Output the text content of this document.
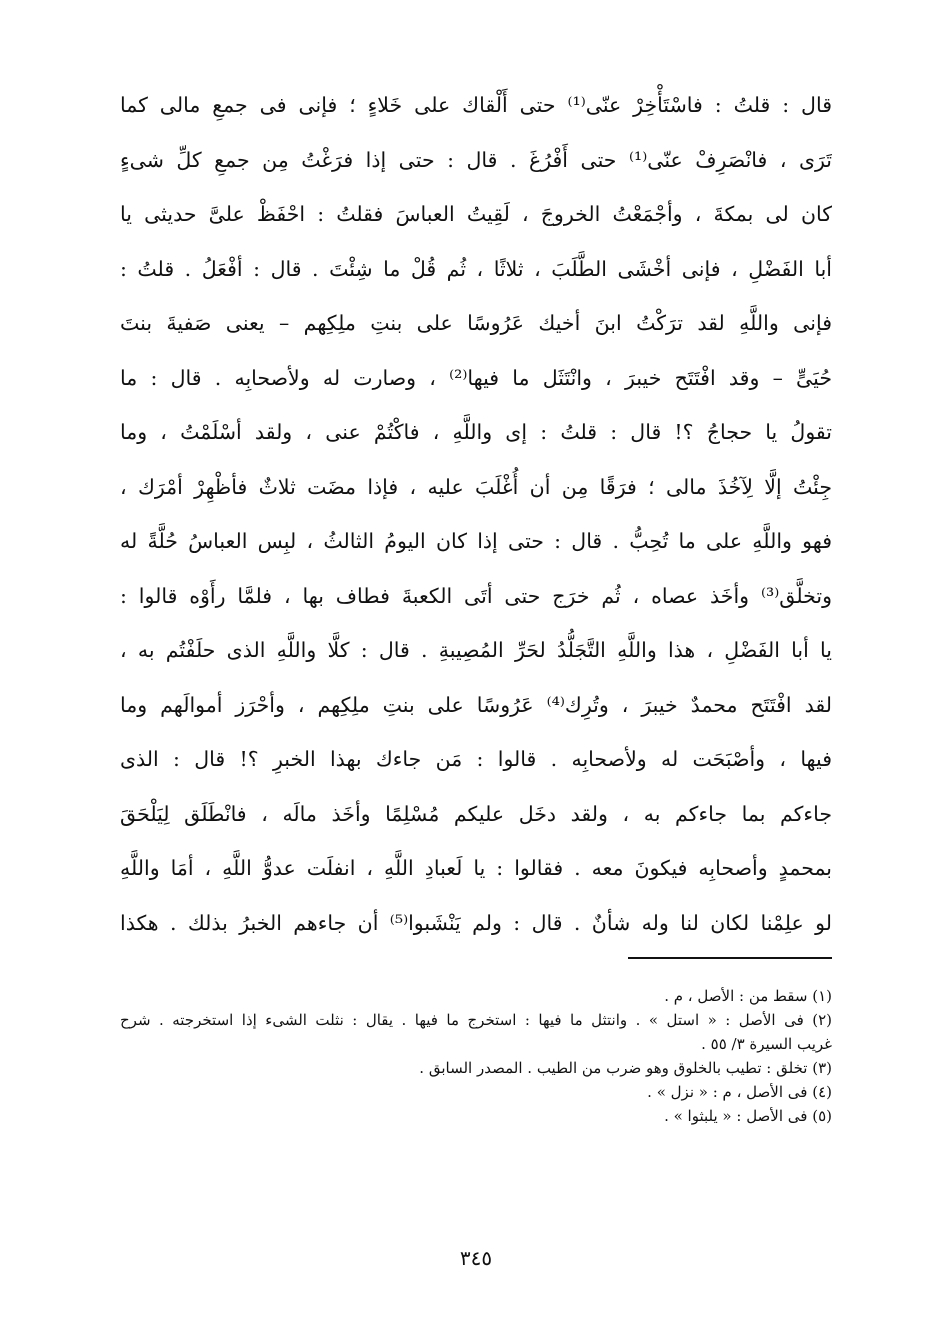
قال : قلتُ : فاسْتَأْخِرْ عنّى⁽¹⁾ حتى أَلْقاك على خَلاءٍ ؛ فإنى فى جمعِ مالى كما
تَرَى ، فانْصَرِفْ عنّى⁽¹⁾ حتى أَفْرُغَ . قال : حتى إذا فرَغْتُ مِن جمعِ كلِّ شىءٍ
كان لى بمكةَ ، وأجْمَعْتُ الخروجَ ، لَقِيتُ العباسَ فقلتُ : احْفَظْ علىَّ حديثى يا
أبا الفَضْلِ ، فإنى أخْشَى الطَّلَبَ ، ثلاثًا ، ثُم قُلْ ما شِئْتَ . قال : أفْعَلُ . قلتُ :
فإنى واللَّهِ لقد ترَكْتُ ابنَ أخيك عَرُوسًا على بنتِ ملِكِهم – يعنى صَفيةَ بنتَ
حُيَىٍّ – وقد افْتَتَح خيبرَ ، وانْتَثَل ما فيها⁽²⁾ ، وصارت له ولأصحابِه . قال : ما
تقولُ يا حجاجُ ؟! قال : قلتُ : إى واللَّهِ ، فاكْتُمْ عنى ، ولقد أسْلَمْتُ ، وما
جِئْتُ إلَّا لِآخُذَ مالى ؛ فرَقًا مِن أن أُغْلَبَ عليه ، فإذا مضَت ثلاثٌ فأظْهِرْ أمْرَك ،
فهو واللَّهِ على ما تُحِبُّ . قال : حتى إذا كان اليومُ الثالثُ ، لبِس العباسُ حُلَّةً له
وتخلَّق⁽³⁾ وأخَذ عصاه ، ثُم خرَج حتى أتَى الكعبةَ فطاف بها ، فلمَّا رأَوْه قالوا :
يا أبا الفَضْلِ ، هذا واللَّهِ التَّجَلُّدُ لحَرِّ المُصِيبةِ . قال : كلَّا واللَّهِ الذى حلَفْتُم به ،
لقد افْتَتَح محمدٌ خيبرَ ، وتُرِك⁽⁴⁾ عَرُوسًا على بنتِ ملِكِهم ، وأحْرَز أموالَهم وما
فيها ، وأصْبَحَت له ولأصحابِه . قالوا : مَن جاءك بهذا الخبرِ ؟! قال : الذى
جاءكم بما جاءكم به ، ولقد دخَل عليكم مُسْلِمًا وأخَذ مالَه ، فانْطَلَق لِيَلْحَقَ
بمحمدٍ وأصحابِه فيكونَ معه . فقالوا : يا لَعبادِ اللَّهِ ، انفلَت عدوُّ اللَّهِ ، أمَا واللَّهِ
لو علِمْنا لكان لنا وله شأنٌ . قال : ولم يَنْشَبوا⁽⁵⁾ أن جاءهم الخبرُ بذلك . هكذا
(١) سقط من : الأصل ، م .
(٢) فى الأصل : « استل » . وانتثل ما فيها : استخرج ما فيها . يقال : نثلت الشىء إذا استخرجته . شرح
غريب السيرة ٣/ ٥٥ .
(٣) تخلق : تطيب بالخلوق وهو ضرب من الطيب . المصدر السابق .
(٤) فى الأصل ، م : « نزل » .
(٥) فى الأصل : « يلبثوا » .
٣٤٥
